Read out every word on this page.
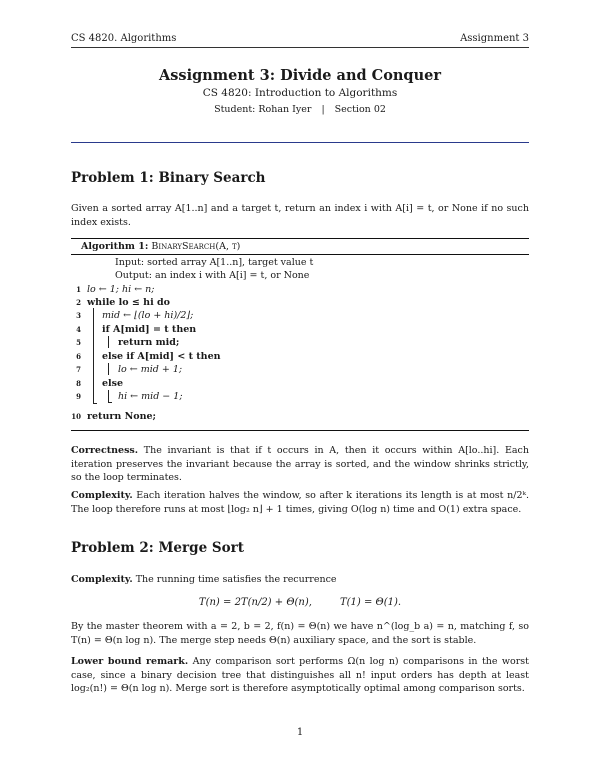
CS 4820. Algorithms	Assignment 3
Assignment 3: Divide and Conquer
CS 4820: Introduction to Algorithms
Student: Rohan Iyer | Section 02
Problem 1: Binary Search

Given a sorted array A[1..n] and a target t, return an index i with A[i] = t, or None if no such index exists.

Algorithm 1: BinarySearch(A, t)
Input: sorted array A[1..n], target value t
Output: an index i with A[i] = t, or None
1 lo ← 1; hi ← n;
2 while lo ≤ hi do
3 mid ← ⌊(lo + hi)/2⌋;
4 if A[mid] = t then
5	return mid;
6 else if A[mid] < t then
7	lo ← mid + 1;
8 else
9	hi ← mid − 1;
10 return None;

Correctness. The invariant is that if t occurs in A, then it occurs within A[lo..hi]. Each iteration preserves the invariant because the array is sorted, and the window shrinks strictly, so the loop terminates.

Complexity. Each iteration halves the window, so after k iterations its length is at most n/2ᵏ. The loop therefore runs at most ⌊log₂ n⌋ + 1 times, giving O(log n) time and O(1) extra space.

Problem 2: Merge Sort

Complexity. The running time satisfies the recurrence

T(n) = 2T(n/2) + Θ(n),	T(1) = Θ(1).

By the master theorem with a = 2, b = 2, f(n) = Θ(n) we have n^(log_b a) = n, matching f, so T(n) = Θ(n log n). The merge step needs Θ(n) auxiliary space, and the sort is stable.

Lower bound remark. Any comparison sort performs Ω(n log n) comparisons in the worst case, since a binary decision tree that distinguishes all n! input orders has depth at least log₂(n!) = Θ(n log n). Merge sort is therefore asymptotically optimal among comparison sorts.

1
